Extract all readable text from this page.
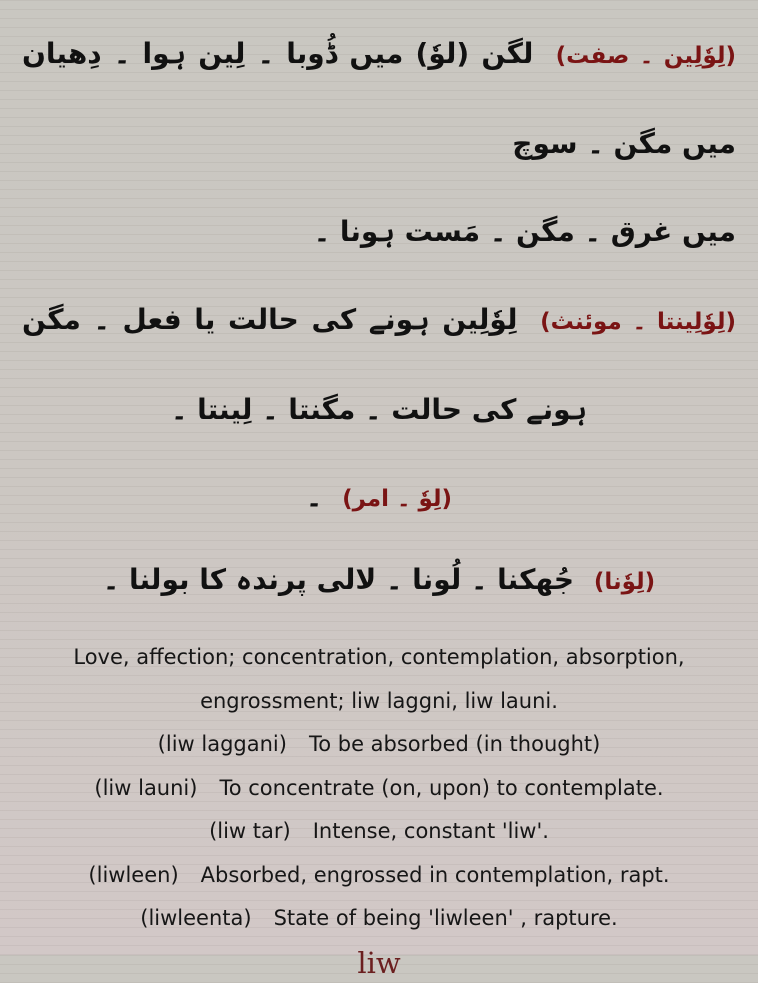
(لِوٗلِین ۔ صفت) لگن (لوٗ) میں ڈُوبا ۔ لِین ہوا ۔ دِھیان میں مگن ۔ سوچ
میں غرق ۔ مگن ۔ مَست ہونا ۔

(لِوٗلِینتا ۔ موئنث) لِوٗلِین ہونے کی حالت یا فعل ۔ مگن ہونے کی حالت ۔ مگنتا ۔ لِینتا ۔

(لِوٗ ۔ امر) ۔

(لِوٗنا) جُھکنا ۔ لُونا ۔ لالی پرندہ کا بولنا ۔

Love, affection; concentration, contemplation, absorption, engrossment; liw laggni, liw launi.

(liw laggani) To be absorbed (in thought)

(liw launi) To concentrate (on, upon) to contemplate.

(liw tar) Intense, constant 'liw'.

(liwleen) Absorbed, engrossed in contemplation, rapt.

(liwleenta) State of being 'liwleen' , rapture.

liw
